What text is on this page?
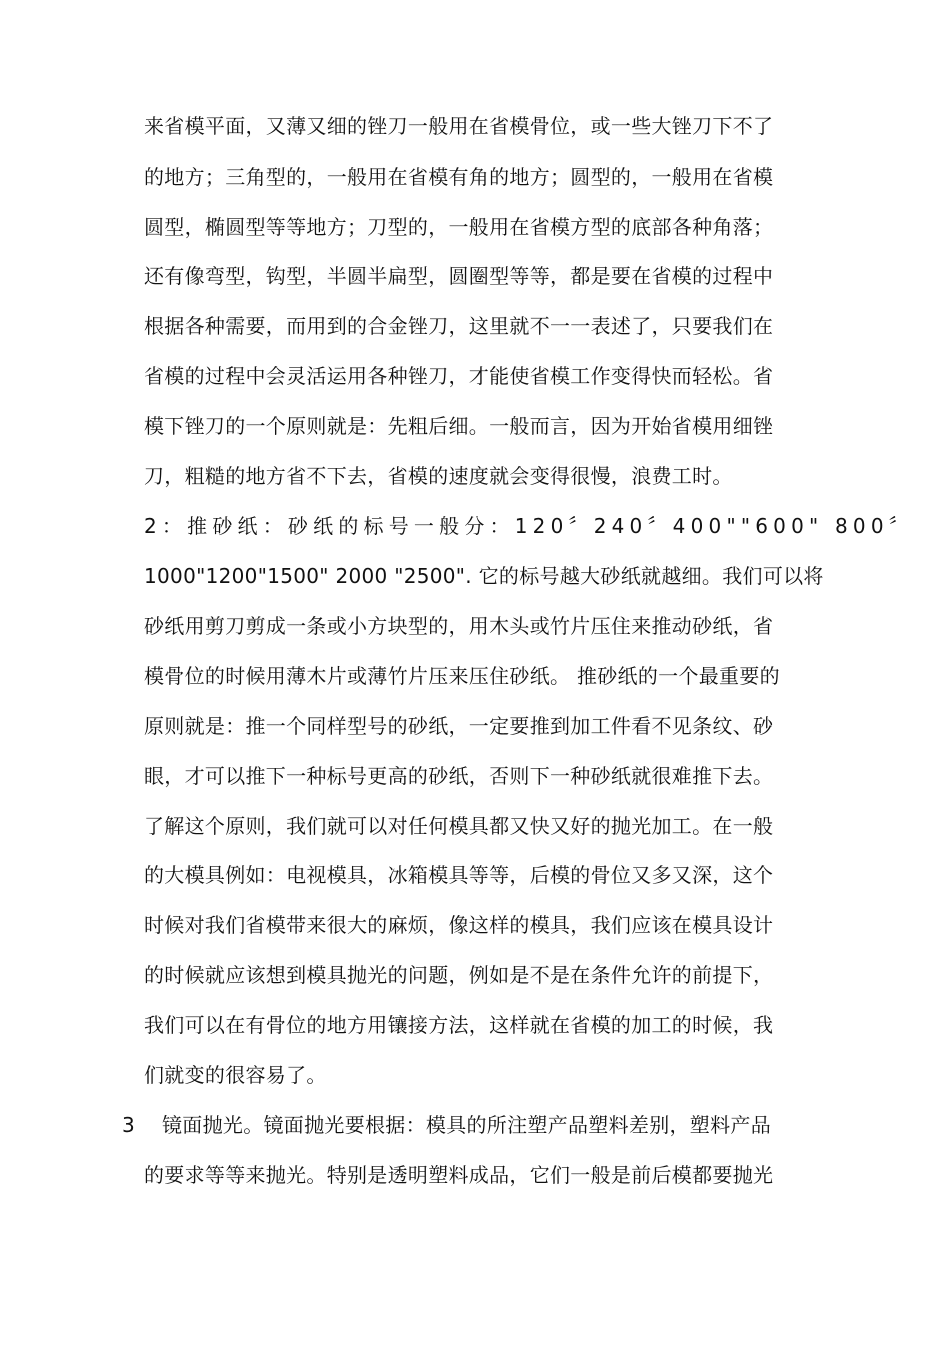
来省模平面，又薄又细的锉刀一般用在省模骨位，或一些大锉刀下不了
的地方；三角型的，一般用在省模有角的地方；圆型的，一般用在省模
圆型，椭圆型等等地方；刀型的，一般用在省模方型的底部各种角落；
还有像弯型，钩型，半圆半扁型，圆圈型等等，都是要在省模的过程中
根据各种需要，而用到的合金锉刀，这里就不一一表述了，只要我们在
省模的过程中会灵活运用各种锉刀，才能使省模工作变得快而轻松。省
模下锉刀的一个原则就是：先粗后细。一般而言，因为开始省模用细锉
刀，粗糙的地方省不下去，省模的速度就会变得很慢，浪费工时。
2：推砂纸：砂纸的标号一般分：120〞240〞400""600" 800〞
1000"1200"1500" 2000 "2500". 它的标号越大砂纸就越细。我们可以将
砂纸用剪刀剪成一条或小方块型的，用木头或竹片压住来推动砂纸，省
模骨位的时候用薄木片或薄竹片压来压住砂纸。 推砂纸的一个最重要的
原则就是：推一个同样型号的砂纸，一定要推到加工件看不见条纹、砂
眼，才可以推下一种标号更高的砂纸，否则下一种砂纸就很难推下去。
了解这个原则，我们就可以对任何模具都又快又好的抛光加工。在一般
的大模具例如：电视模具，冰箱模具等等，后模的骨位又多又深，这个
时候对我们省模带来很大的麻烦，像这样的模具，我们应该在模具设计
的时候就应该想到模具抛光的问题，例如是不是在条件允许的前提下，
我们可以在有骨位的地方用镶接方法，这样就在省模的加工的时候，我
们就变的很容易了。
3 镜面抛光。镜面抛光要根据：模具的所注塑产品塑料差别，塑料产品
的要求等等来抛光。特别是透明塑料成品，它们一般是前后模都要抛光
